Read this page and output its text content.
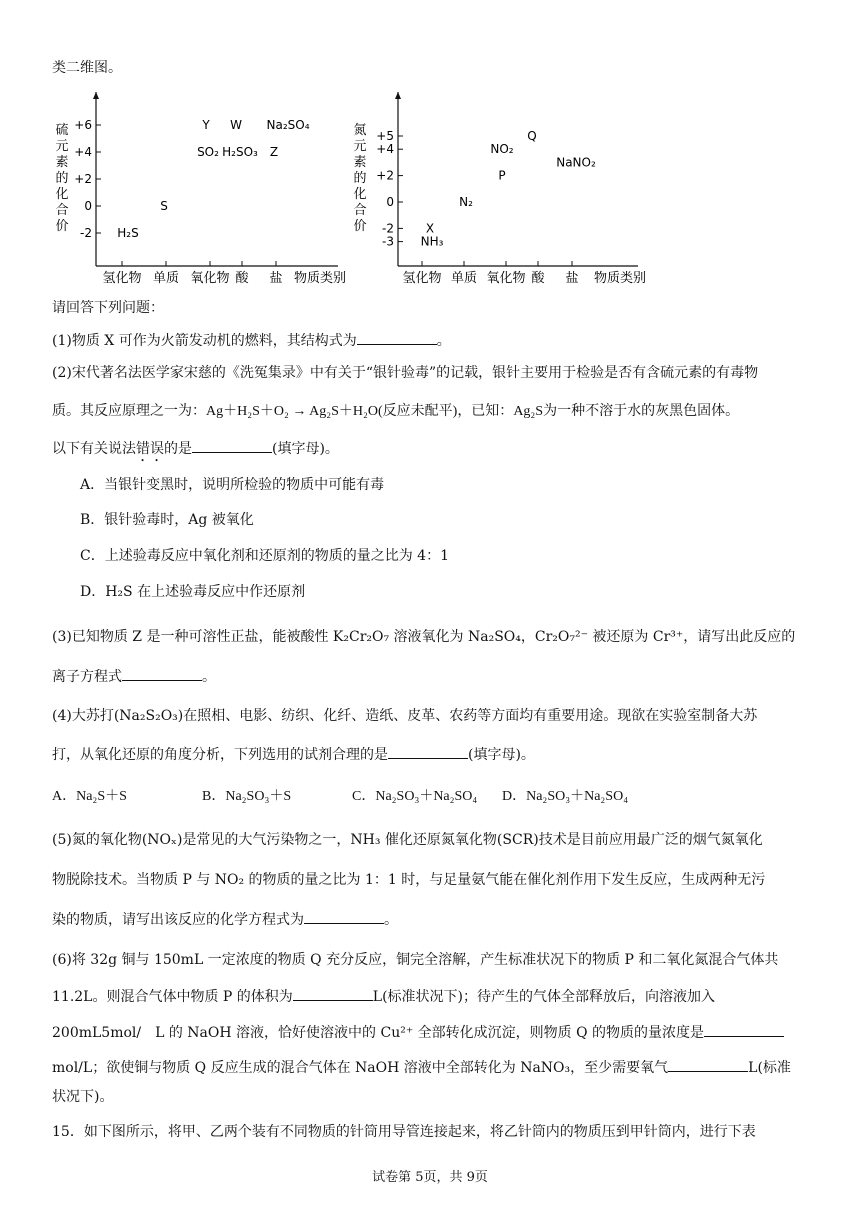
类二维图。
硫
元
素
的
化
合
价
+6
+4
+2
0
-2
氢化物 单质 氧化物 酸 盐 物质类别
H₂S
S
SO₂ H₂SO₃ Z
Y W Na₂SO₄	氮
元
素
的
化
合
价
+5
+4
+2
0
-2
-3
氢化物 单质 氧化物 酸 盐 物质类别
X
NH₃
N₂
P
NO₂
Q
NaNO₂
请回答下列问题：
(1)物质 X 可作为火箭发动机的燃料，其结构式为	。
(2)宋代著名法医学家宋慈的《洗冤集录》中有关于“银针验毒”的记载，银针主要用于检验是否有含硫元素的有毒物
质。其反应原理之一为：Ag＋H₂S＋O₂ → Ag₂S＋H₂O(反应未配平)，已知：Ag₂S为一种不溶于水的灰黑色固体。
以下有关说法错误的是	(填字母)。
A．当银针变黑时，说明所检验的物质中可能有毒
B．银针验毒时，Ag 被氧化
C．上述验毒反应中氧化剂和还原剂的物质的量之比为 4：1
D．H₂S 在上述验毒反应中作还原剂
(3)已知物质 Z 是一种可溶性正盐，能被酸性 K₂Cr₂O₇ 溶液氧化为 Na₂SO₄，Cr₂O₇²⁻ 被还原为 Cr³⁺，请写出此反应的
离子方程式	。
(4)大苏打(Na₂S₂O₃)在照相、电影、纺织、化纤、造纸、皮革、农药等方面均有重要用途。现欲在实验室制备大苏
打，从氧化还原的角度分析，下列选用的试剂合理的是	(填字母)。
A．Na₂S＋S	B．Na₂SO₃＋S	C．Na₂SO₃＋Na₂SO₄ D．Na₂SO₃＋Na₂SO₄
(5)氮的氧化物(NOₓ)是常见的大气污染物之一，NH₃ 催化还原氮氧化物(SCR)技术是目前应用最广泛的烟气氮氧化
物脱除技术。当物质 P 与 NO₂ 的物质的量之比为 1：1 时，与足量氨气能在催化剂作用下发生反应，生成两种无污
染的物质，请写出该反应的化学方程式为	。
(6)将 32g 铜与 150mL 一定浓度的物质 Q 充分反应，铜完全溶解，产生标准状况下的物质 P 和二氧化氮混合气体共
11.2L。则混合气体中物质 P 的体积为	L(标准状况下)；待产生的气体全部释放后，向溶液加入
200mL5mol/　L 的 NaOH 溶液，恰好使溶液中的 Cu²⁺ 全部转化成沉淀，则物质 Q 的物质的量浓度是
mol/L；欲使铜与物质 Q 反应生成的混合气体在 NaOH 溶液中全部转化为 NaNO₃，至少需要氧气	L(标准
状况下)。
15．如下图所示，将甲、乙两个装有不同物质的针筒用导管连接起来，将乙针筒内的物质压到甲针筒内，进行下表
试卷第 5页，共 9页
